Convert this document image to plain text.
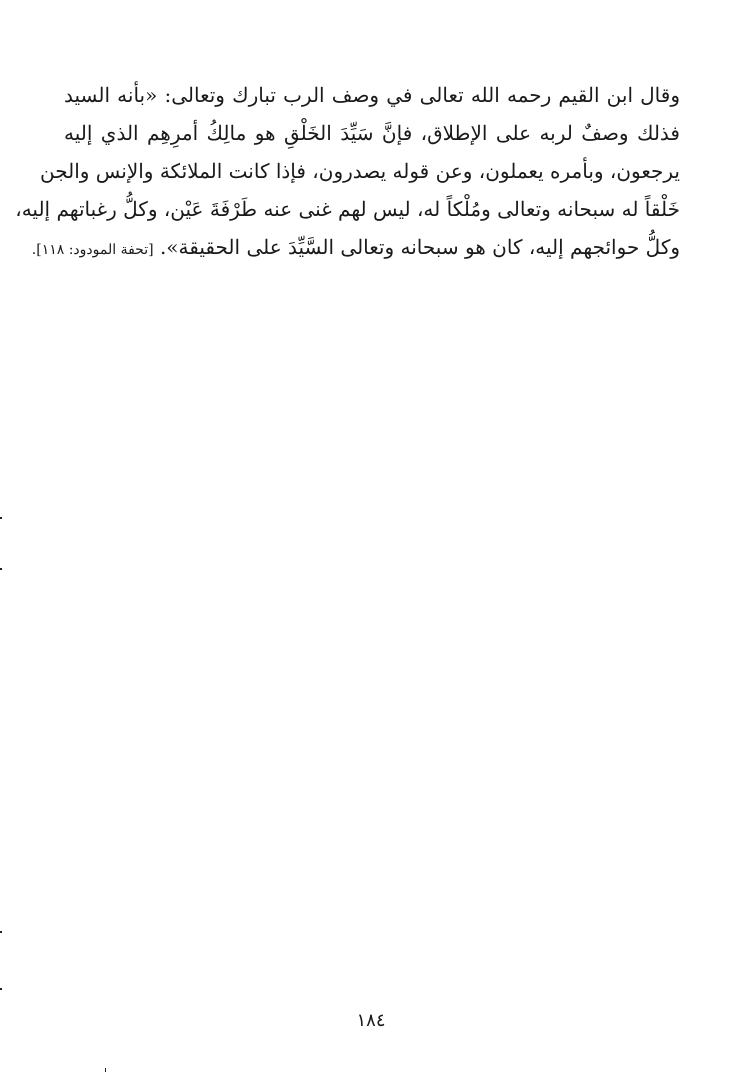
وقال ابن القيم رحمه الله تعالى في وصف الرب تبارك وتعالى: «بأنه السيد
فذلك وصفٌ لربه على الإطلاق، فإنَّ سَيِّدَ الخَلْقِ هو مالِكُ أمرِهِم الذي إليه
يرجعون، وبأمره يعملون، وعن قوله يصدرون، فإذا كانت الملائكة والإنس والجن
خَلْقاً له سبحانه وتعالى ومُلْكاً له، ليس لهم غنى عنه طَرْفَةَ عَيْن، وكلُّ رغباتهم إليه،
وكلُّ حوائجهم إليه، كان هو سبحانه وتعالى السَّيِّدَ على الحقيقة». [تحفة المودود: ١١٨].
١٨٤
